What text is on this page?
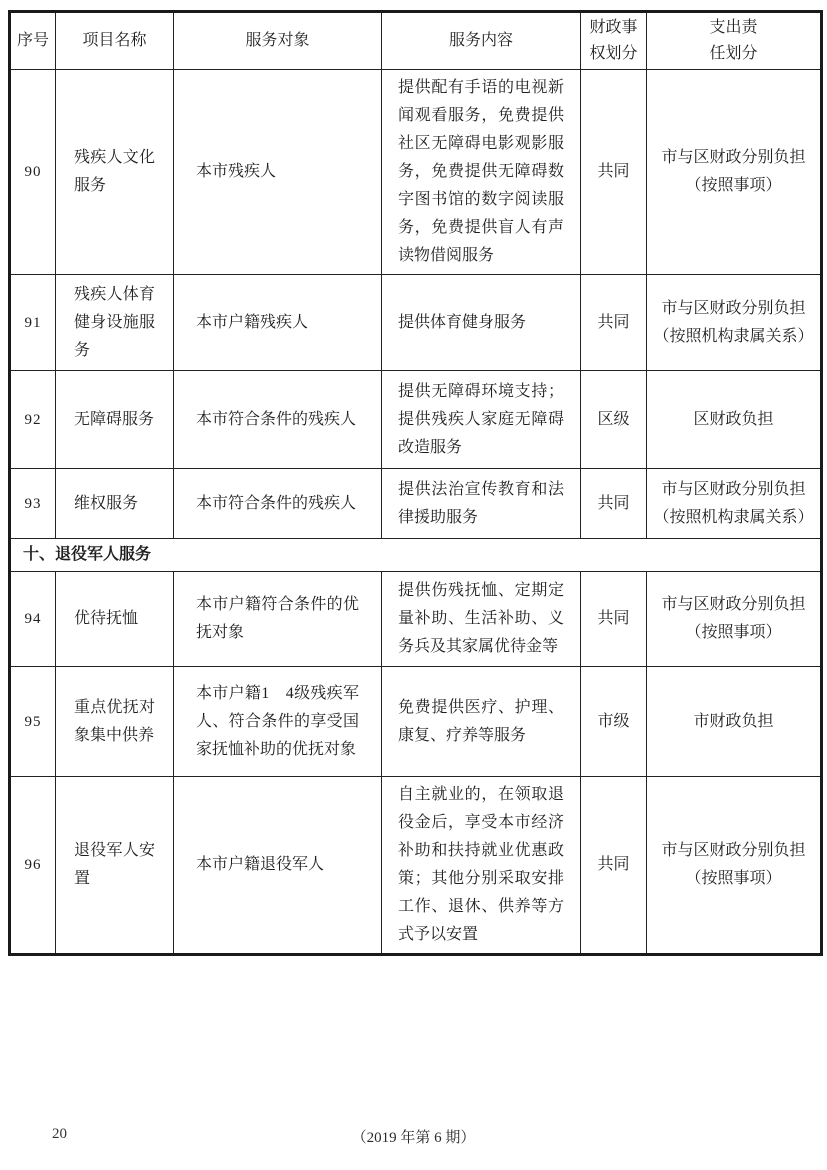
序号	项目名称	服务对象	服务内容	财政事权划分	支出责任划分
90	残疾人文化服务	本市残疾人	提供配有手语的电视新闻观看服务，免费提供社区无障碍电影观影服务，免费提供无障碍数字图书馆的数字阅读服务，免费提供盲人有声读物借阅服务	共同	市与区财政分别负担
（按照事项）

91	残疾人体育健身设施服务	本市户籍残疾人	提供体育健身服务	共同	市与区财政分别负担
（按照机构隶属关系）

92	无障碍服务	本市符合条件的残疾人	提供无障碍环境支持；提供残疾人家庭无障碍改造服务	区级	区财政负担

93	维权服务	本市符合条件的残疾人	提供法治宣传教育和法律援助服务	共同	市与区财政分别负担
（按照机构隶属关系）

十、退役军人服务					
94	优待抚恤	本市户籍符合条件的优抚对象	提供伤残抚恤、定期定量补助、生活补助、义务兵及其家属优待金等	共同	市与区财政分别负担
（按照事项）

95	重点优抚对象集中供养	本市户籍1　4级残疾军人、符合条件的享受国家抚恤补助的优抚对象	免费提供医疗、护理、康复、疗养等服务	市级	市财政负担

96	退役军人安置	本市户籍退役军人	自主就业的，在领取退役金后，享受本市经济补助和扶持就业优惠政策；其他分别采取安排工作、退休、供养等方式予以安置	共同	市与区财政分别负担
（按照事项）
20	（2019 年第 6 期）
